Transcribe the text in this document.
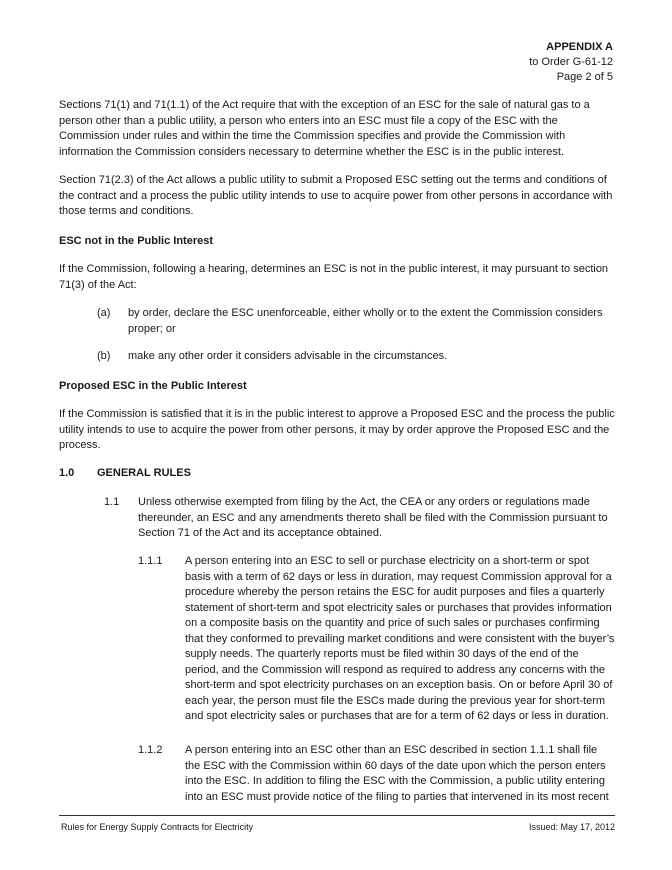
APPENDIX A
to Order G-61-12
Page 2 of 5

Sections 71(1) and 71(1.1) of the Act require that with the exception of an ESC for the sale of natural gas to a person other than a public utility, a person who enters into an ESC must file a copy of the ESC with the Commission under rules and within the time the Commission specifies and provide the Commission with information the Commission considers necessary to determine whether the ESC is in the public interest.

Section 71(2.3) of the Act allows a public utility to submit a Proposed ESC setting out the terms and conditions of the contract and a process the public utility intends to use to acquire power from other persons in accordance with those terms and conditions.

ESC not in the Public Interest

If the Commission, following a hearing, determines an ESC is not in the public interest, it may pursuant to section 71(3) of the Act:

(a) by order, declare the ESC unenforceable, either wholly or to the extent the Commission considers proper; or
(b) make any other order it considers advisable in the circumstances.

Proposed ESC in the Public Interest

If the Commission is satisfied that it is in the public interest to approve a Proposed ESC and the process the public utility intends to use to acquire the power from other persons, it may by order approve the Proposed ESC and the process.

1.0 GENERAL RULES
1.1 Unless otherwise exempted from filing by the Act, the CEA or any orders or regulations made thereunder, an ESC and any amendments thereto shall be filed with the Commission pursuant to Section 71 of the Act and its acceptance obtained.
1.1.1 A person entering into an ESC to sell or purchase electricity on a short-term or spot basis with a term of 62 days or less in duration, may request Commission approval for a procedure whereby the person retains the ESC for audit purposes and files a quarterly statement of short-term and spot electricity sales or purchases that provides information on a composite basis on the quantity and price of such sales or purchases confirming that they conformed to prevailing market conditions and were consistent with the buyer’s supply needs. The quarterly reports must be filed within 30 days of the end of the period, and the Commission will respond as required to address any concerns with the short-term and spot electricity purchases on an exception basis. On or before April 30 of each year, the person must file the ESCs made during the previous year for short-term and spot electricity sales or purchases that are for a term of 62 days or less in duration.
1.1.2 A person entering into an ESC other than an ESC described in section 1.1.1 shall file the ESC with the Commission within 60 days of the date upon which the person enters into the ESC. In addition to filing the ESC with the Commission, a public utility entering into an ESC must provide notice of the filing to parties that intervened in its most recent
Rules for Energy Supply Contracts for Electricity	Issued: May 17, 2012
